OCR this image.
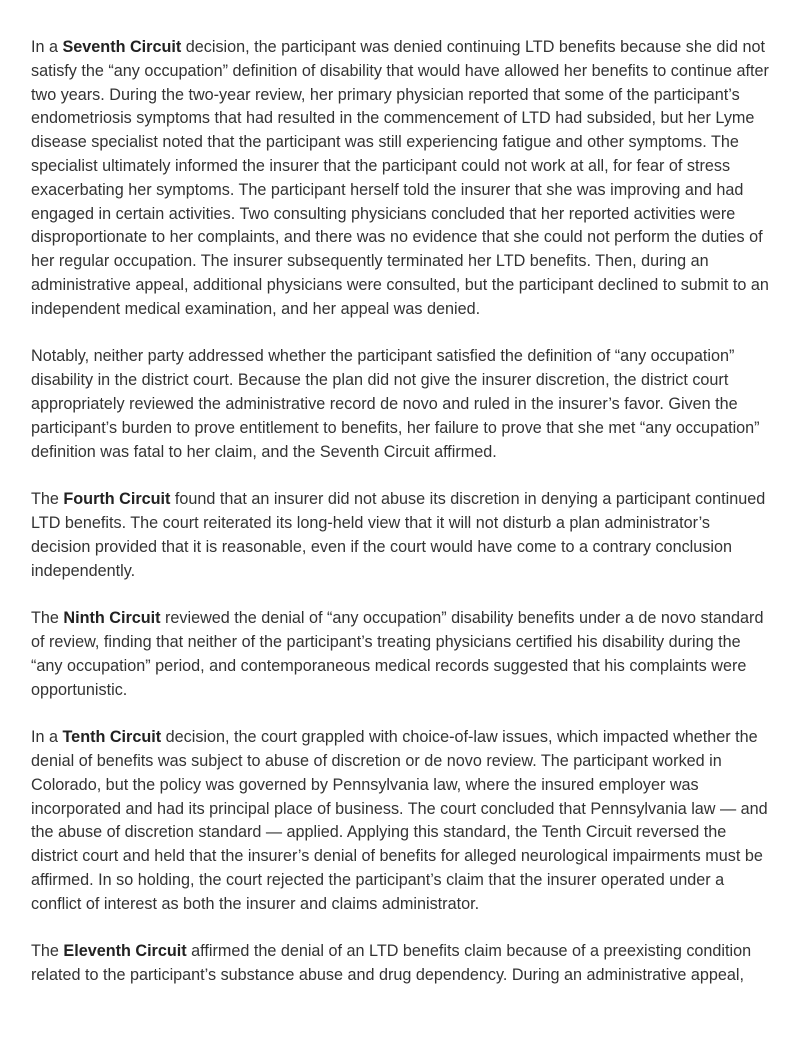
In a Seventh Circuit decision, the participant was denied continuing LTD benefits because she did not satisfy the “any occupation” definition of disability that would have allowed her benefits to continue after two years. During the two-year review, her primary physician reported that some of the participant’s endometriosis symptoms that had resulted in the commencement of LTD had subsided, but her Lyme disease specialist noted that the participant was still experiencing fatigue and other symptoms. The specialist ultimately informed the insurer that the participant could not work at all, for fear of stress exacerbating her symptoms. The participant herself told the insurer that she was improving and had engaged in certain activities. Two consulting physicians concluded that her reported activities were disproportionate to her complaints, and there was no evidence that she could not perform the duties of her regular occupation. The insurer subsequently terminated her LTD benefits. Then, during an administrative appeal, additional physicians were consulted, but the participant declined to submit to an independent medical examination, and her appeal was denied.

Notably, neither party addressed whether the participant satisfied the definition of “any occupation” disability in the district court. Because the plan did not give the insurer discretion, the district court appropriately reviewed the administrative record de novo and ruled in the insurer’s favor. Given the participant’s burden to prove entitlement to benefits, her failure to prove that she met “any occupation” definition was fatal to her claim, and the Seventh Circuit affirmed.

The Fourth Circuit found that an insurer did not abuse its discretion in denying a participant continued LTD benefits. The court reiterated its long-held view that it will not disturb a plan administrator’s decision provided that it is reasonable, even if the court would have come to a contrary conclusion independently.

The Ninth Circuit reviewed the denial of “any occupation” disability benefits under a de novo standard of review, finding that neither of the participant’s treating physicians certified his disability during the “any occupation” period, and contemporaneous medical records suggested that his complaints were opportunistic.

In a Tenth Circuit decision, the court grappled with choice-of-law issues, which impacted whether the denial of benefits was subject to abuse of discretion or de novo review. The participant worked in Colorado, but the policy was governed by Pennsylvania law, where the insured employer was incorporated and had its principal place of business. The court concluded that Pennsylvania law — and the abuse of discretion standard — applied. Applying this standard, the Tenth Circuit reversed the district court and held that the insurer’s denial of benefits for alleged neurological impairments must be affirmed. In so holding, the court rejected the participant’s claim that the insurer operated under a conflict of interest as both the insurer and claims administrator.

The Eleventh Circuit affirmed the denial of an LTD benefits claim because of a preexisting condition related to the participant’s substance abuse and drug dependency. During an administrative appeal,
